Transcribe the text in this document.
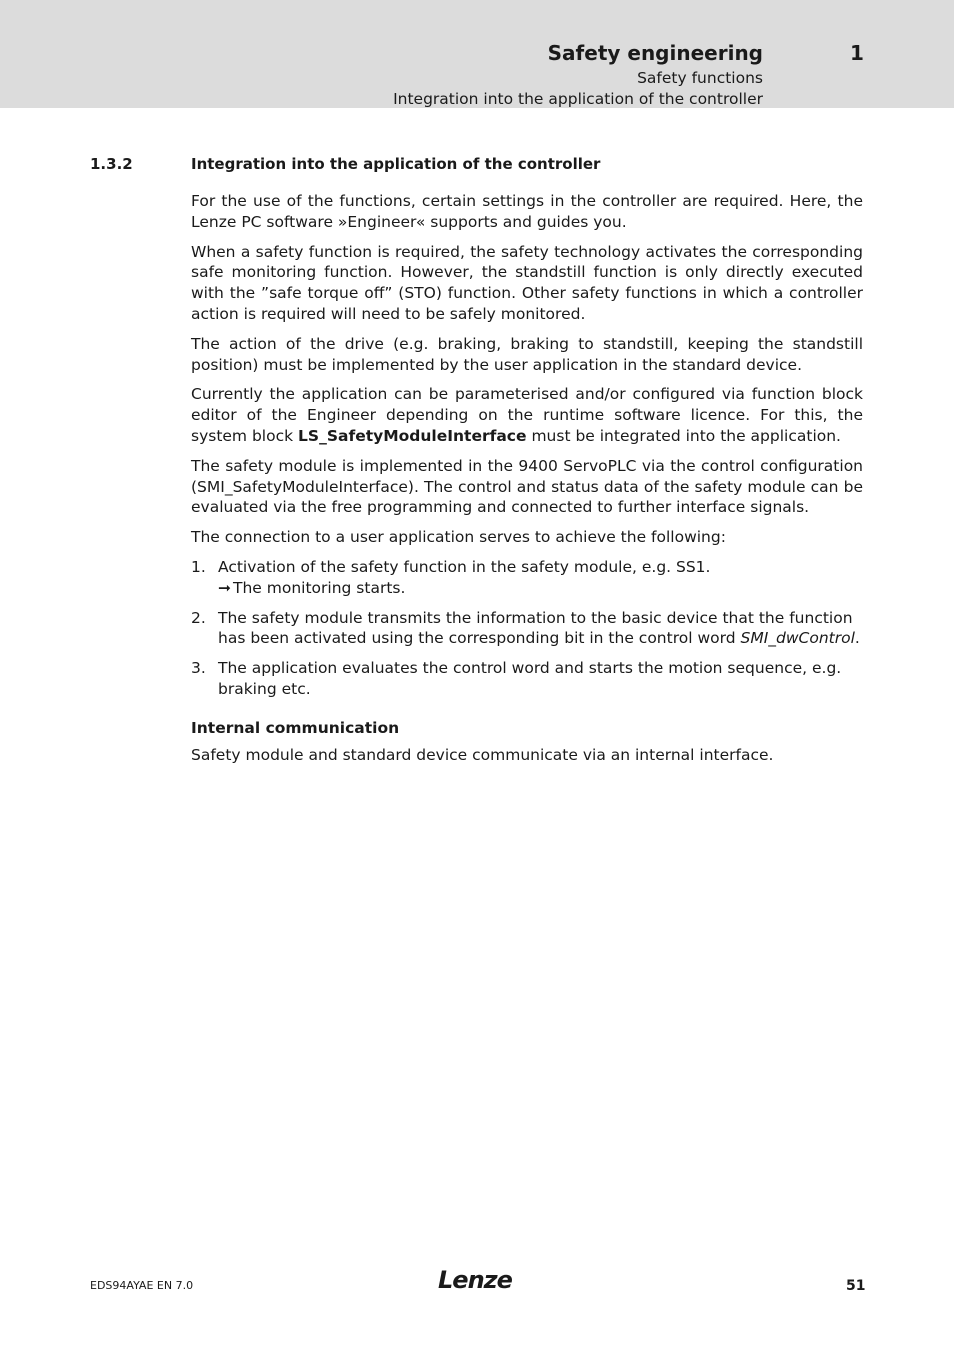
Safety engineering	1
Safety functions
Integration into the application of the controller
1.3.2	Integration into the application of the controller

For the use of the functions, certain settings in the controller are required. Here, the Lenze PC software »Engineer« supports and guides you.

When a safety function is required, the safety technology activates the corresponding safe monitoring function. However, the standstill function is only directly executed with the ”safe torque off” (STO) function. Other safety functions in which a controller action is required will need to be safely monitored.

The action of the drive (e.g. braking, braking to standstill, keeping the standstill position) must be implemented by the user application in the standard device.

Currently the application can be parameterised and/or configured via function block editor of the Engineer depending on the runtime software licence. For this, the system block LS_SafetyModuleInterface must be integrated into the application.

The safety module is implemented in the 9400 ServoPLC via the control configuration (SMI_SafetyModuleInterface). The control and status data of the safety module can be evaluated via the free programming and connected to further interface signals.

The connection to a user application serves to achieve the following:

1. Activation of the safety function in the safety module, e.g. SS1.
➞ The monitoring starts.
2. The safety module transmits the information to the basic device that the function has been activated using the corresponding bit in the control word SMI_dwControl.
3. The application evaluates the control word and starts the motion sequence, e.g. braking etc.
Internal communication

Safety module and standard device communicate via an internal interface.

EDS94AYAE EN 7.0	Lenze	51
